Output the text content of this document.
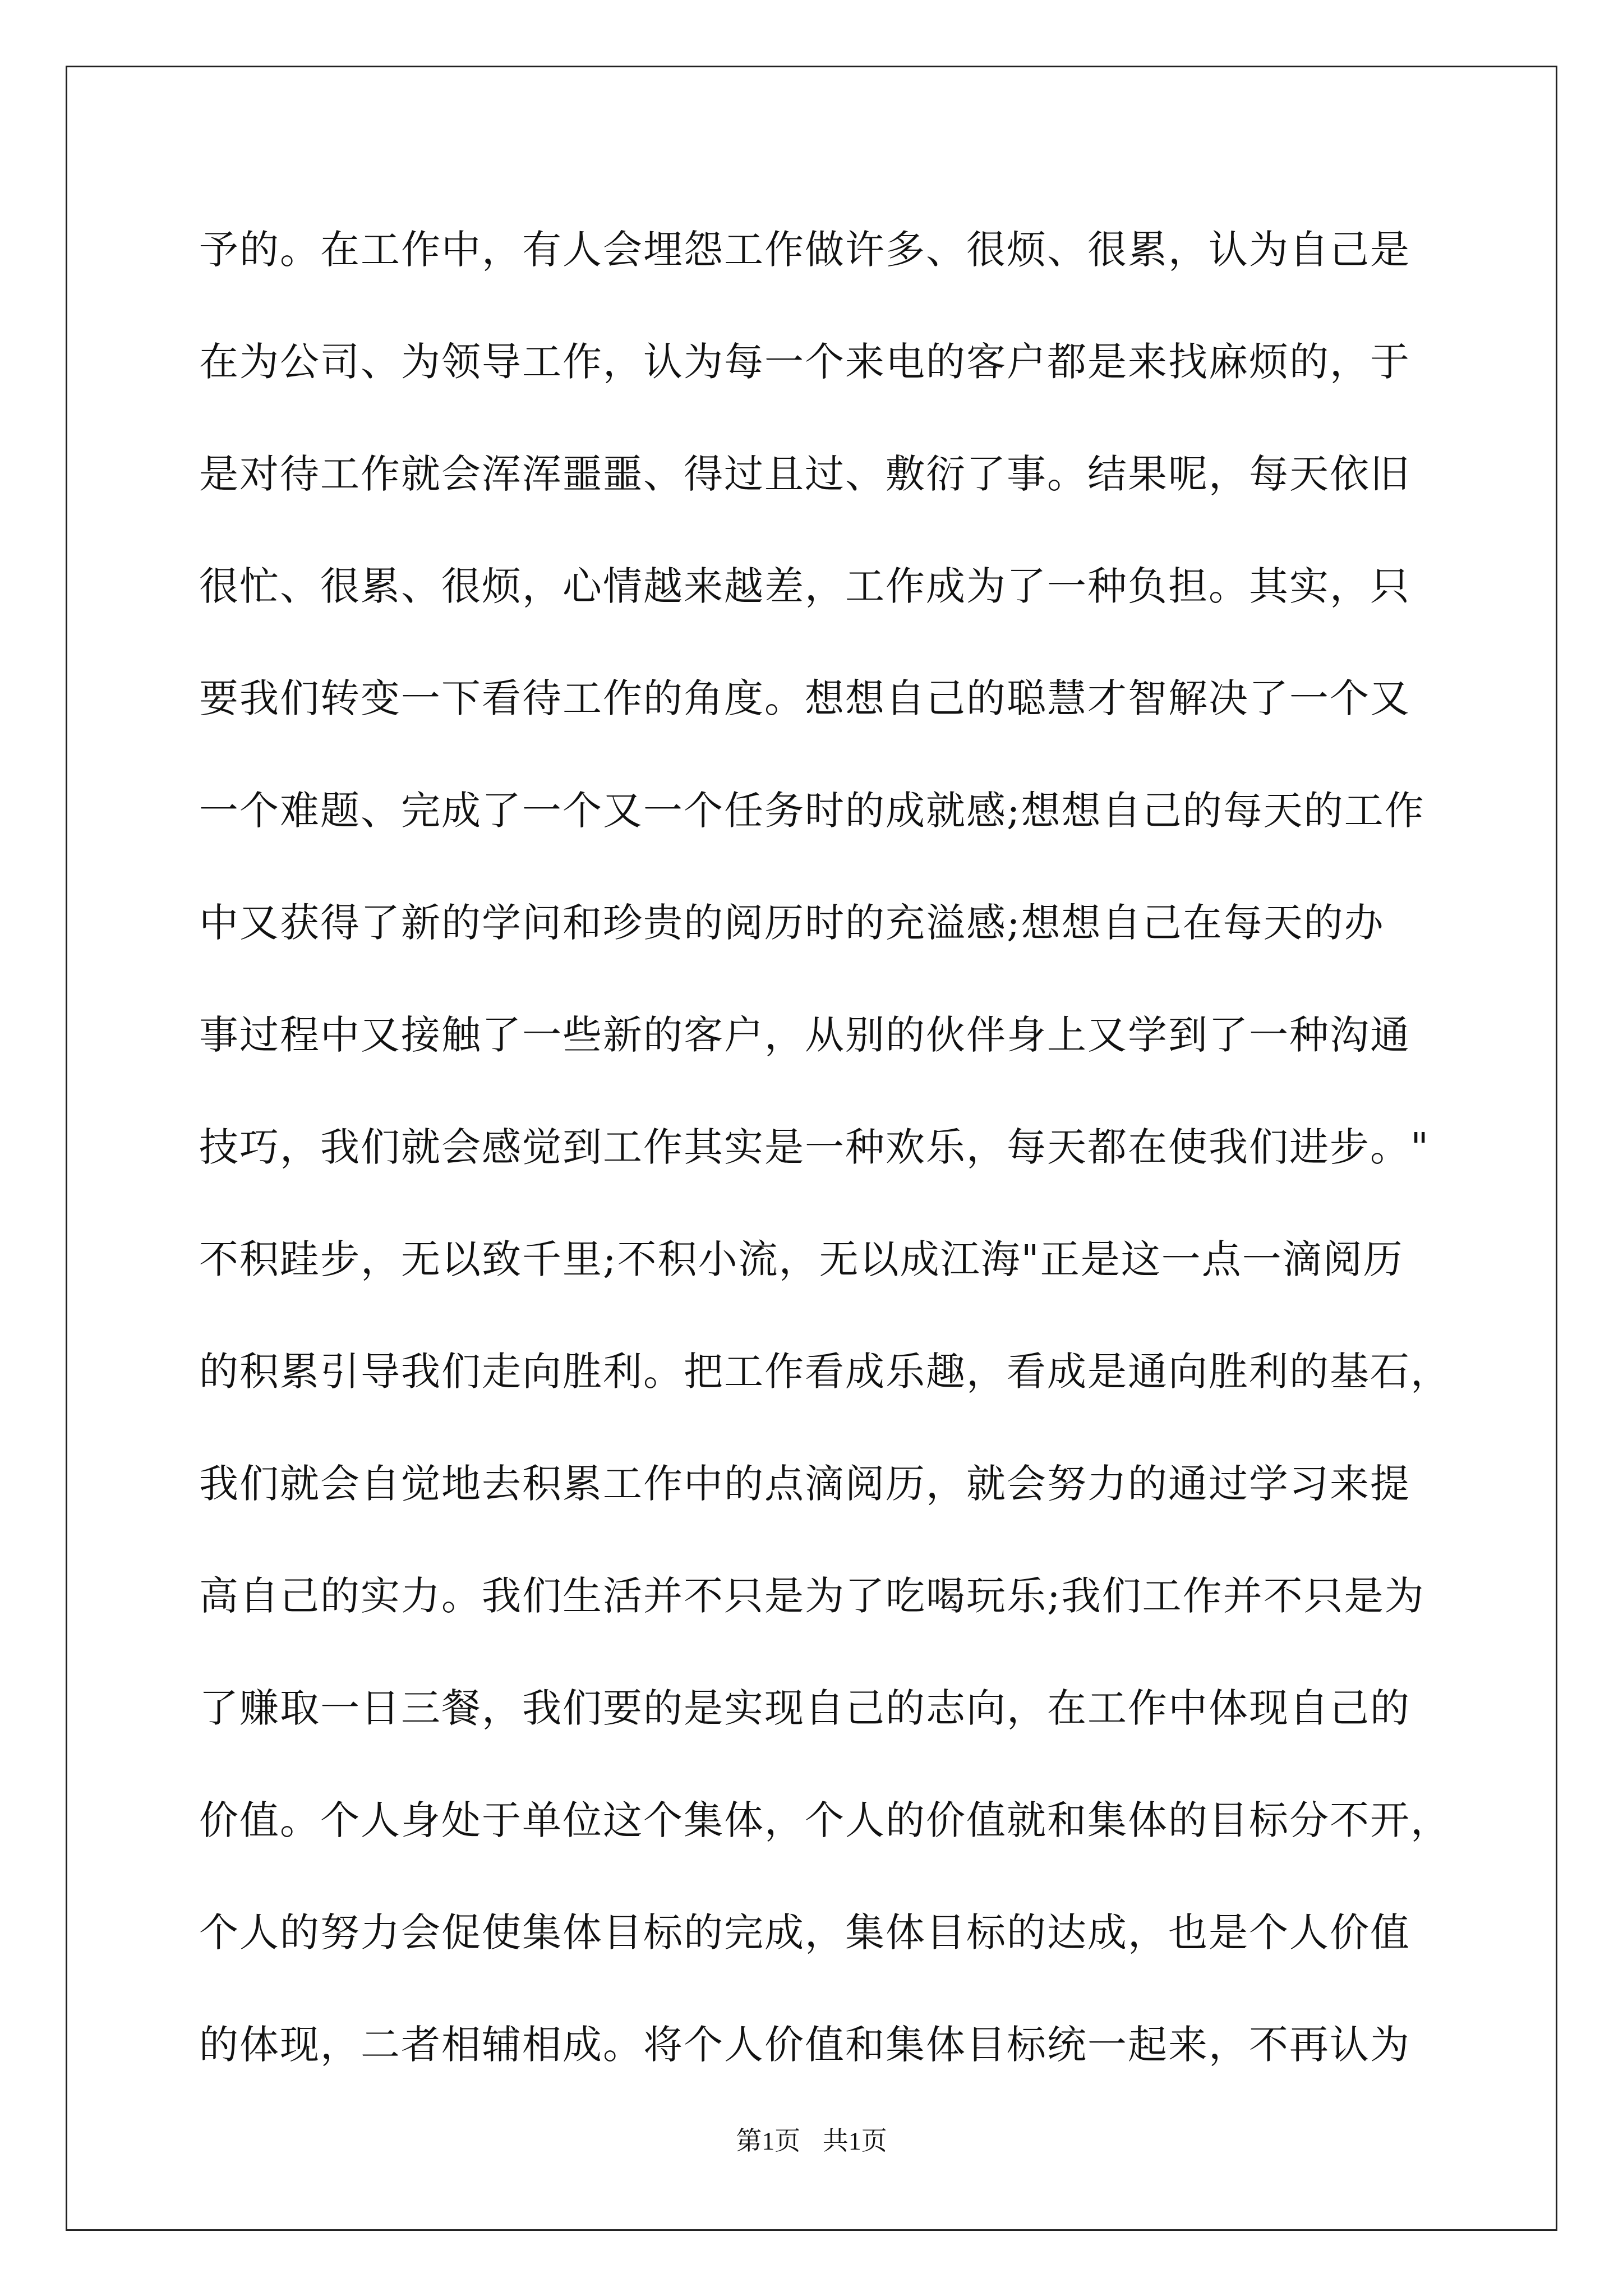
予的。在工作中，有人会埋怨工作做许多、很烦、很累，认为自己是
在为公司、为领导工作，认为每一个来电的客户都是来找麻烦的，于
是对待工作就会浑浑噩噩、得过且过、敷衍了事。结果呢，每天依旧
很忙、很累、很烦，心情越来越差，工作成为了一种负担。其实，只
要我们转变一下看待工作的角度。想想自己的聪慧才智解决了一个又
一个难题、完成了一个又一个任务时的成就感;想想自己的每天的工作
中又获得了新的学问和珍贵的阅历时的充溢感;想想自己在每天的办
事过程中又接触了一些新的客户，从别的伙伴身上又学到了一种沟通
技巧，我们就会感觉到工作其实是一种欢乐，每天都在使我们进步。"
不积跬步，无以致千里;不积小流，无以成江海"正是这一点一滴阅历
的积累引导我们走向胜利。把工作看成乐趣，看成是通向胜利的基石，
我们就会自觉地去积累工作中的点滴阅历，就会努力的通过学习来提
高自己的实力。我们生活并不只是为了吃喝玩乐;我们工作并不只是为
了赚取一日三餐，我们要的是实现自己的志向，在工作中体现自己的
价值。个人身处于单位这个集体，个人的价值就和集体的目标分不开，
个人的努力会促使集体目标的完成，集体目标的达成，也是个人价值
的体现，二者相辅相成。将个人价值和集体目标统一起来，不再认为
第1页 共1页
